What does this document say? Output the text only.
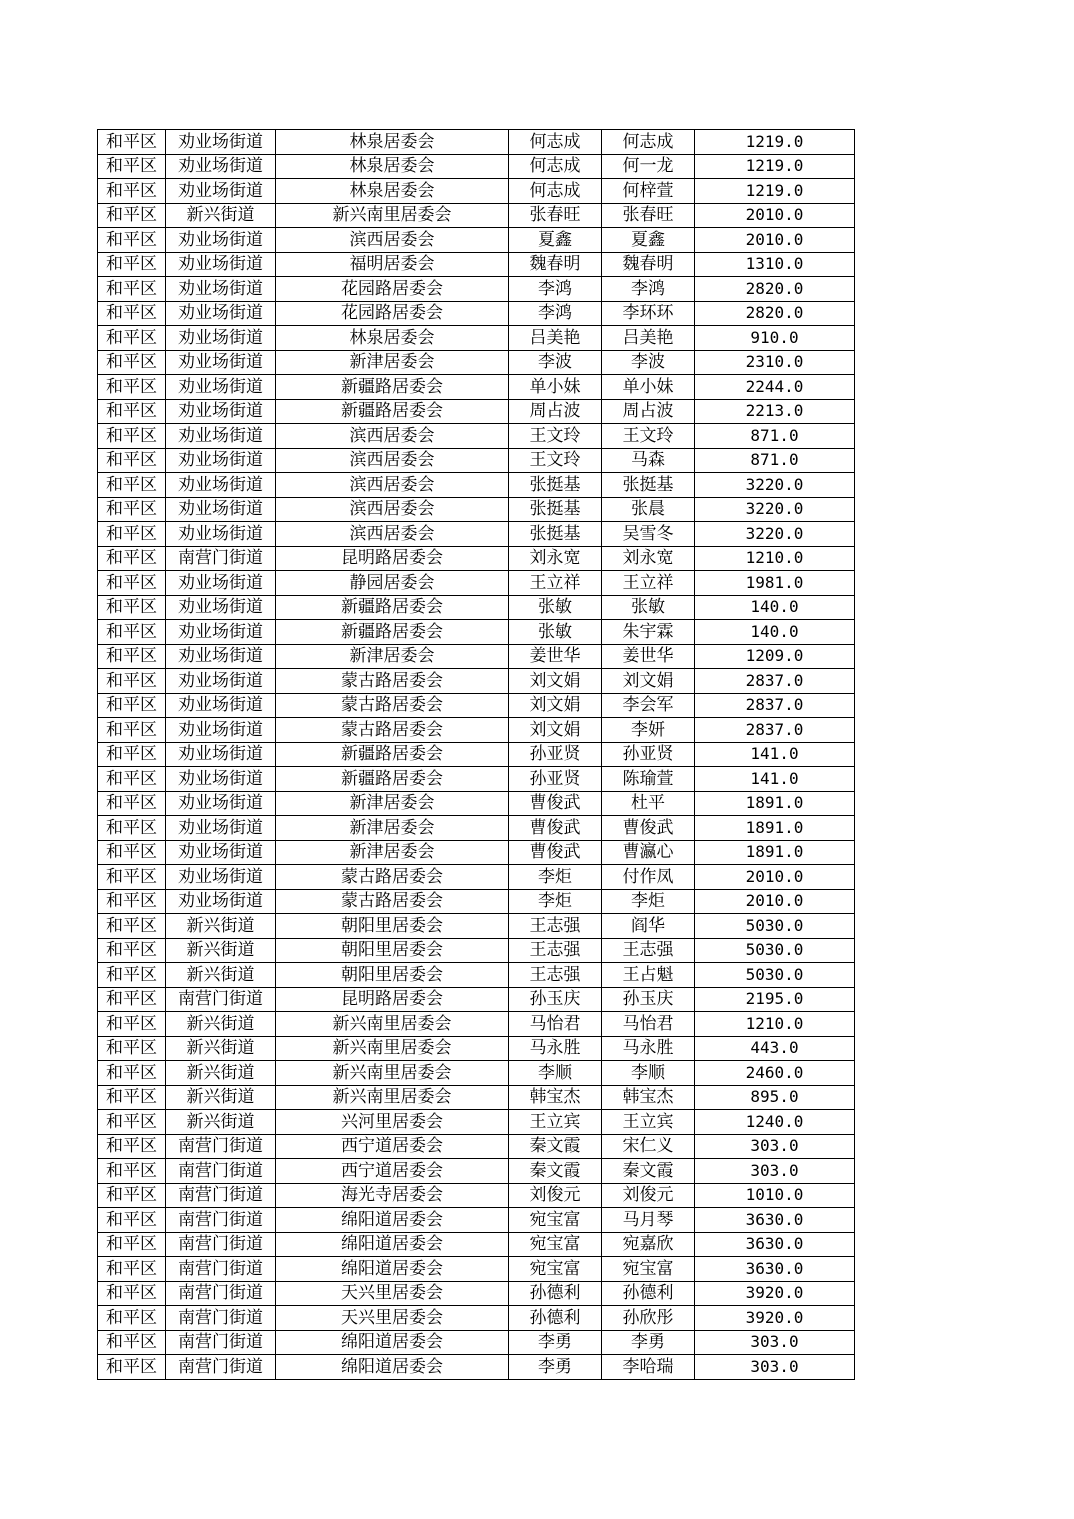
和平区	劝业场街道	林泉居委会	何志成	何志成	1219.0
和平区	劝业场街道	林泉居委会	何志成	何一龙	1219.0
和平区	劝业场街道	林泉居委会	何志成	何梓萱	1219.0
和平区	新兴街道	新兴南里居委会	张春旺	张春旺	2010.0
和平区	劝业场街道	滨西居委会	夏鑫	夏鑫	2010.0
和平区	劝业场街道	福明居委会	魏春明	魏春明	1310.0
和平区	劝业场街道	花园路居委会	李鸿	李鸿	2820.0
和平区	劝业场街道	花园路居委会	李鸿	李环环	2820.0
和平区	劝业场街道	林泉居委会	吕美艳	吕美艳	910.0
和平区	劝业场街道	新津居委会	李波	李波	2310.0
和平区	劝业场街道	新疆路居委会	单小妹	单小妹	2244.0
和平区	劝业场街道	新疆路居委会	周占波	周占波	2213.0
和平区	劝业场街道	滨西居委会	王文玲	王文玲	871.0
和平区	劝业场街道	滨西居委会	王文玲	马森	871.0
和平区	劝业场街道	滨西居委会	张挺基	张挺基	3220.0
和平区	劝业场街道	滨西居委会	张挺基	张晨	3220.0
和平区	劝业场街道	滨西居委会	张挺基	吴雪冬	3220.0
和平区	南营门街道	昆明路居委会	刘永宽	刘永宽	1210.0
和平区	劝业场街道	静园居委会	王立祥	王立祥	1981.0
和平区	劝业场街道	新疆路居委会	张敏	张敏	140.0
和平区	劝业场街道	新疆路居委会	张敏	朱宇霖	140.0
和平区	劝业场街道	新津居委会	姜世华	姜世华	1209.0
和平区	劝业场街道	蒙古路居委会	刘文娟	刘文娟	2837.0
和平区	劝业场街道	蒙古路居委会	刘文娟	李会军	2837.0
和平区	劝业场街道	蒙古路居委会	刘文娟	李妍	2837.0
和平区	劝业场街道	新疆路居委会	孙亚贤	孙亚贤	141.0
和平区	劝业场街道	新疆路居委会	孙亚贤	陈瑜萱	141.0
和平区	劝业场街道	新津居委会	曹俊武	杜平	1891.0
和平区	劝业场街道	新津居委会	曹俊武	曹俊武	1891.0
和平区	劝业场街道	新津居委会	曹俊武	曹瀛心	1891.0
和平区	劝业场街道	蒙古路居委会	李炬	付作凤	2010.0
和平区	劝业场街道	蒙古路居委会	李炬	李炬	2010.0
和平区	新兴街道	朝阳里居委会	王志强	阎华	5030.0
和平区	新兴街道	朝阳里居委会	王志强	王志强	5030.0
和平区	新兴街道	朝阳里居委会	王志强	王占魁	5030.0
和平区	南营门街道	昆明路居委会	孙玉庆	孙玉庆	2195.0
和平区	新兴街道	新兴南里居委会	马怡君	马怡君	1210.0
和平区	新兴街道	新兴南里居委会	马永胜	马永胜	443.0
和平区	新兴街道	新兴南里居委会	李顺	李顺	2460.0
和平区	新兴街道	新兴南里居委会	韩宝杰	韩宝杰	895.0
和平区	新兴街道	兴河里居委会	王立宾	王立宾	1240.0
和平区	南营门街道	西宁道居委会	秦文霞	宋仁义	303.0
和平区	南营门街道	西宁道居委会	秦文霞	秦文霞	303.0
和平区	南营门街道	海光寺居委会	刘俊元	刘俊元	1010.0
和平区	南营门街道	绵阳道居委会	宛宝富	马月琴	3630.0
和平区	南营门街道	绵阳道居委会	宛宝富	宛嘉欣	3630.0
和平区	南营门街道	绵阳道居委会	宛宝富	宛宝富	3630.0
和平区	南营门街道	天兴里居委会	孙德利	孙德利	3920.0
和平区	南营门街道	天兴里居委会	孙德利	孙欣彤	3920.0
和平区	南营门街道	绵阳道居委会	李勇	李勇	303.0
和平区	南营门街道	绵阳道居委会	李勇	李哈瑞	303.0
